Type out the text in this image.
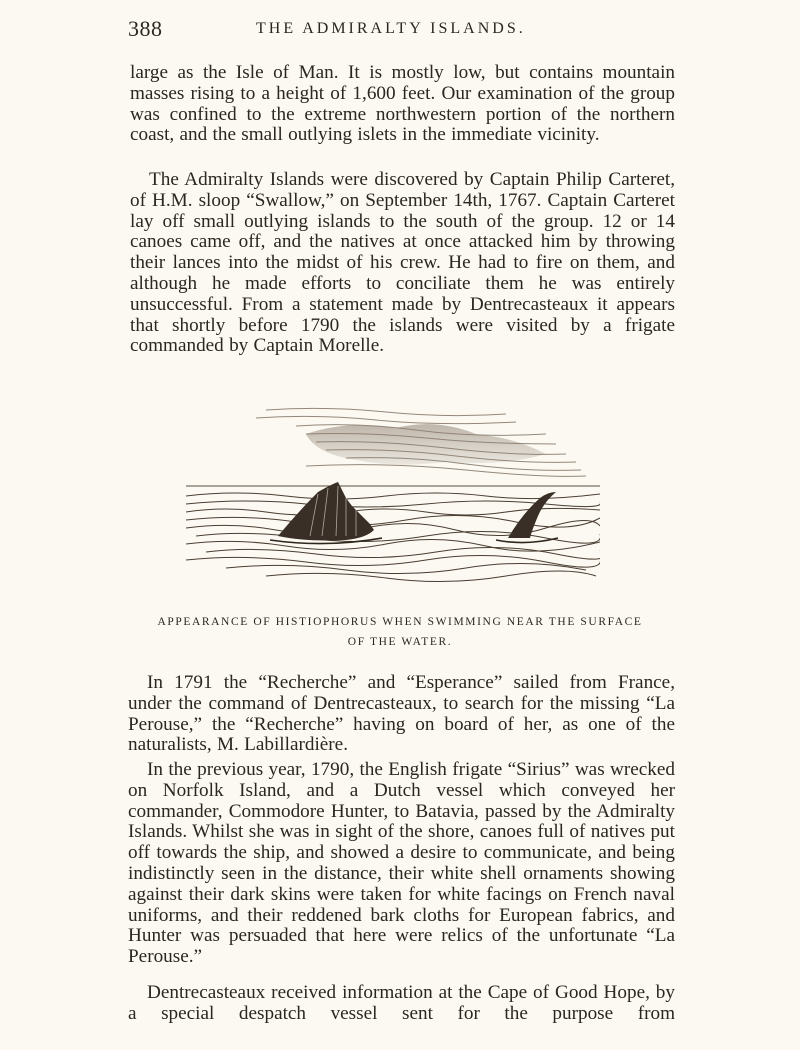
388	THE ADMIRALTY ISLANDS.

large as the Isle of Man. It is mostly low, but contains mountain masses rising to a height of 1,600 feet. Our examination of the group was confined to the extreme northwestern portion of the northern coast, and the small outlying islets in the immediate vicinity.

The Admiralty Islands were discovered by Captain Philip Carteret, of H.M. sloop “Swallow,” on September 14th, 1767. Captain Carteret lay off small outlying islands to the south of the group. 12 or 14 canoes came off, and the natives at once attacked him by throwing their lances into the midst of his crew. He had to fire on them, and although he made efforts to conciliate them he was entirely unsuccessful. From a statement made by Dentrecasteaux it appears that shortly before 1790 the islands were visited by a frigate commanded by Captain Morelle.

APPEARANCE OF HISTIOPHORUS WHEN SWIMMING NEAR THE SURFACE
OF THE WATER.

In 1791 the “Recherche” and “Esperance” sailed from France, under the command of Dentrecasteaux, to search for the missing “La Perouse,” the “Recherche” having on board of her, as one of the naturalists, M. Labillardière.

In the previous year, 1790, the English frigate “Sirius” was wrecked on Norfolk Island, and a Dutch vessel which conveyed her commander, Commodore Hunter, to Batavia, passed by the Admiralty Islands. Whilst she was in sight of the shore, canoes full of natives put off towards the ship, and showed a desire to communicate, and being indistinctly seen in the distance, their white shell ornaments showing against their dark skins were taken for white facings on French naval uniforms, and their reddened bark cloths for European fabrics, and Hunter was persuaded that here were relics of the unfortunate “La Perouse.”

Dentrecasteaux received information at the Cape of Good Hope, by a special despatch vessel sent for the purpose from
